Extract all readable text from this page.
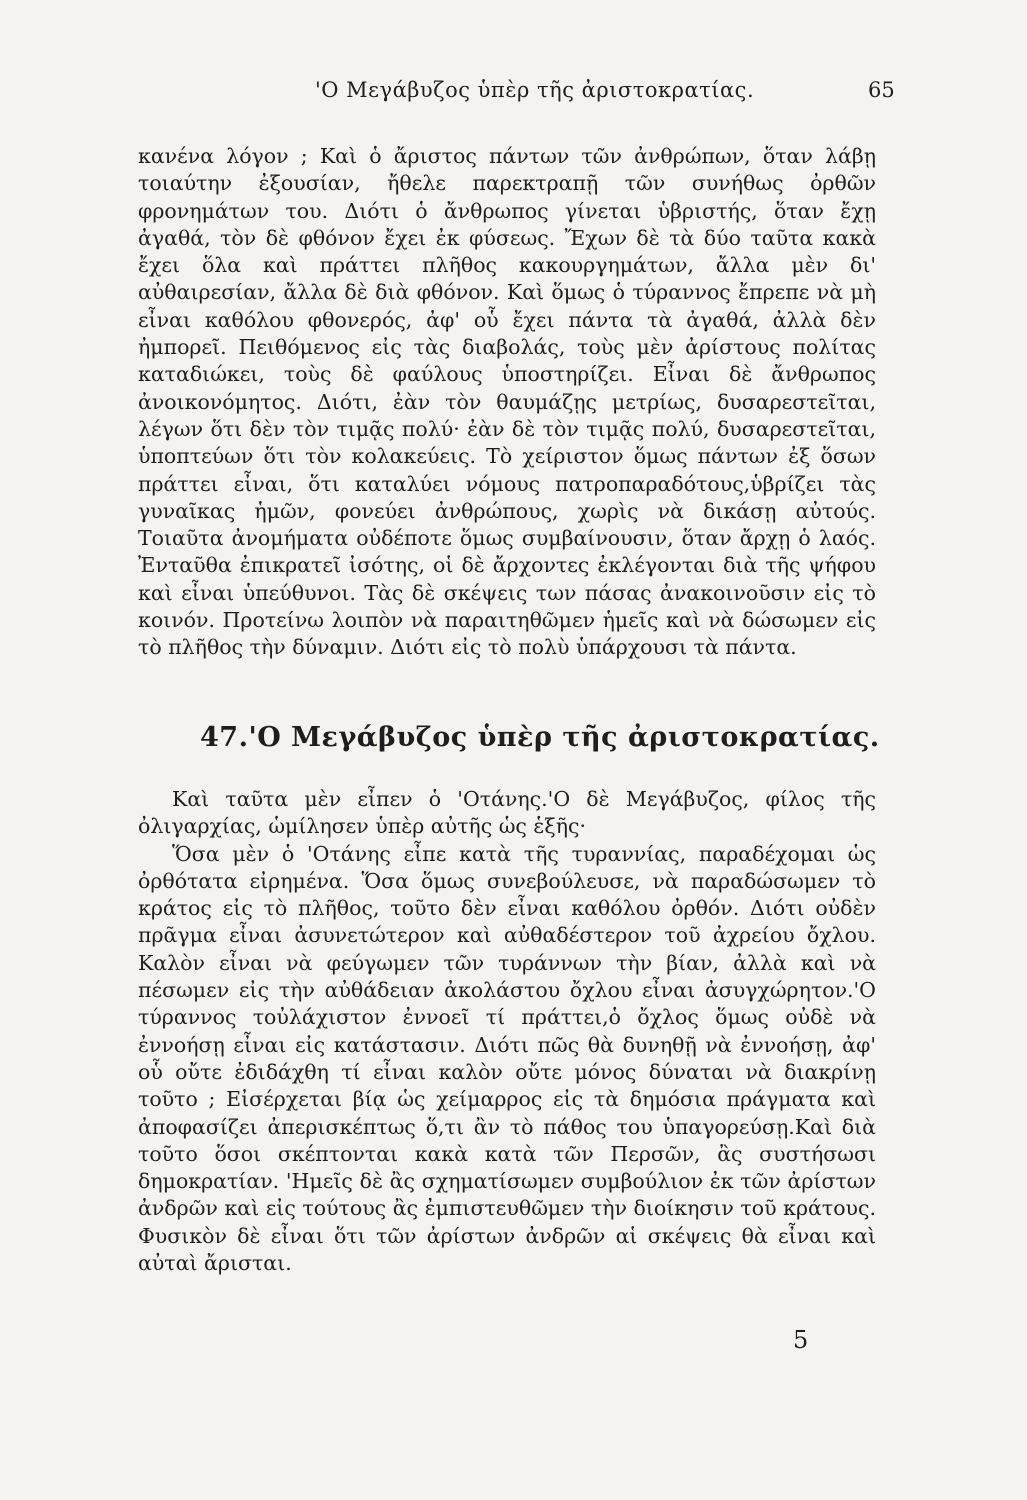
'Ο Μεγάβυζος ὑπὲρ τῆς ἀριστοκρατίας.	65

κανένα λόγον ; Καὶ ὁ ἄριστος πάντων τῶν ἀνθρώπων, ὅταν λάβῃ τοιαύτην ἐξουσίαν, ἤθελε παρεκτραπῇ τῶν συνήθως ὀρθῶν φρονημάτων του. Διότι ὁ ἄνθρωπος γίνεται ὑβριστής, ὅταν ἔχῃ ἀγαθά, τὸν δὲ φθόνον ἔχει ἐκ φύσεως. Ἔχων δὲ τὰ δύο ταῦτα κακὰ ἔχει ὅλα καὶ πράττει πλῆθος κακουργημάτων, ἄλλα μὲν δι' αὐθαιρεσίαν, ἄλλα δὲ διὰ φθόνον. Καὶ ὅμως ὁ τύραννος ἔπρεπε νὰ μὴ εἶναι καθόλου φθονερός, ἀφ' οὗ ἔχει πάντα τὰ ἀγαθά, ἀλλὰ δὲν ἠμπορεῖ. Πειθόμενος εἰς τὰς διαβολάς, τοὺς μὲν ἀρίστους πολίτας καταδιώκει, τοὺς δὲ φαύλους ὑποστηρίζει. Εἶναι δὲ ἄνθρωπος ἀνοικονόμητος. Διότι, ἐὰν τὸν θαυμάζῃς μετρίως, δυσαρεστεῖται, λέγων ὅτι δὲν τὸν τιμᾷς πολύ· ἐὰν δὲ τὸν τιμᾷς πολύ, δυσαρεστεῖται, ὑποπτεύων ὅτι τὸν κολακεύεις. Τὸ χείριστον ὅμως πάντων ἐξ ὅσων πράττει εἶναι, ὅτι καταλύει νόμους πατροπαραδότους,ὑβρίζει τὰς γυναῖκας ἡμῶν, φονεύει ἀνθρώπους, χωρὶς νὰ δικάσῃ αὐτούς. Τοιαῦτα ἀνομήματα οὐδέποτε ὅμως συμβαίνουσιν, ὅταν ἄρχῃ ὁ λαός. Ἐνταῦθα ἐπικρατεῖ ἰσότης, οἱ δὲ ἄρχοντες ἐκλέγονται διὰ τῆς ψήφου καὶ εἶναι ὑπεύθυνοι. Τὰς δὲ σκέψεις των πάσας ἀνακοινοῦσιν εἰς τὸ κοινόν. Προτείνω λοιπὸν νὰ παραιτηθῶμεν ἡμεῖς καὶ νὰ δώσωμεν εἰς τὸ πλῆθος τὴν δύναμιν. Διότι εἰς τὸ πολὺ ὑπάρχουσι τὰ πάντα.

47.'Ο Μεγάβυζος ὑπὲρ τῆς ἀριστοκρατίας.

Καὶ ταῦτα μὲν εἶπεν ὁ 'Οτάνης.'Ο δὲ Μεγάβυζος, φίλος τῆς ὀλιγαρχίας, ὡμίλησεν ὑπὲρ αὐτῆς ὡς ἑξῆς·

Ὅσα μὲν ὁ 'Οτάνης εἶπε κατὰ τῆς τυραννίας, παραδέχομαι ὡς ὀρθότατα εἰρημένα. Ὅσα ὅμως συνεβούλευσε, νὰ παραδώσωμεν τὸ κράτος εἰς τὸ πλῆθος, τοῦτο δὲν εἶναι καθόλου ὀρθόν. Διότι οὐδὲν πρᾶγμα εἶναι ἀσυνετώτερον καὶ αὐθαδέστερον τοῦ ἀχρείου ὄχλου. Καλὸν εἶναι νὰ φεύγωμεν τῶν τυράννων τὴν βίαν, ἀλλὰ καὶ νὰ πέσωμεν εἰς τὴν αὐθάδειαν ἀκολάστου ὄχλου εἶναι ἀσυγχώρητον.'Ο τύραννος τοὐλάχιστον ἐννοεῖ τί πράττει,ὁ ὄχλος ὅμως οὐδὲ νὰ ἐννοήσῃ εἶναι εἰς κατάστασιν. Διότι πῶς θὰ δυνηθῇ νὰ ἐννοήσῃ, ἀφ' οὗ οὔτε ἐδιδάχθη τί εἶναι καλὸν οὔτε μόνος δύναται νὰ διακρίνῃ τοῦτο ; Εἰσέρχεται βίᾳ ὡς χείμαρρος εἰς τὰ δημόσια πράγματα καὶ ἀποφασίζει ἀπερισκέπτως ὅ,τι ἂν τὸ πάθος του ὑπαγορεύσῃ.Καὶ διὰ τοῦτο ὅσοι σκέπτονται κακὰ κατὰ τῶν Περσῶν, ἂς συστήσωσι δημοκρατίαν. 'Ημεῖς δὲ ἂς σχηματίσωμεν συμβούλιον ἐκ τῶν ἀρίστων ἀνδρῶν καὶ εἰς τούτους ἂς ἐμπιστευθῶμεν τὴν διοίκησιν τοῦ κράτους. Φυσικὸν δὲ εἶναι ὅτι τῶν ἀρίστων ἀνδρῶν αἱ σκέψεις θὰ εἶναι καὶ αὐταὶ ἄρισται.

5
